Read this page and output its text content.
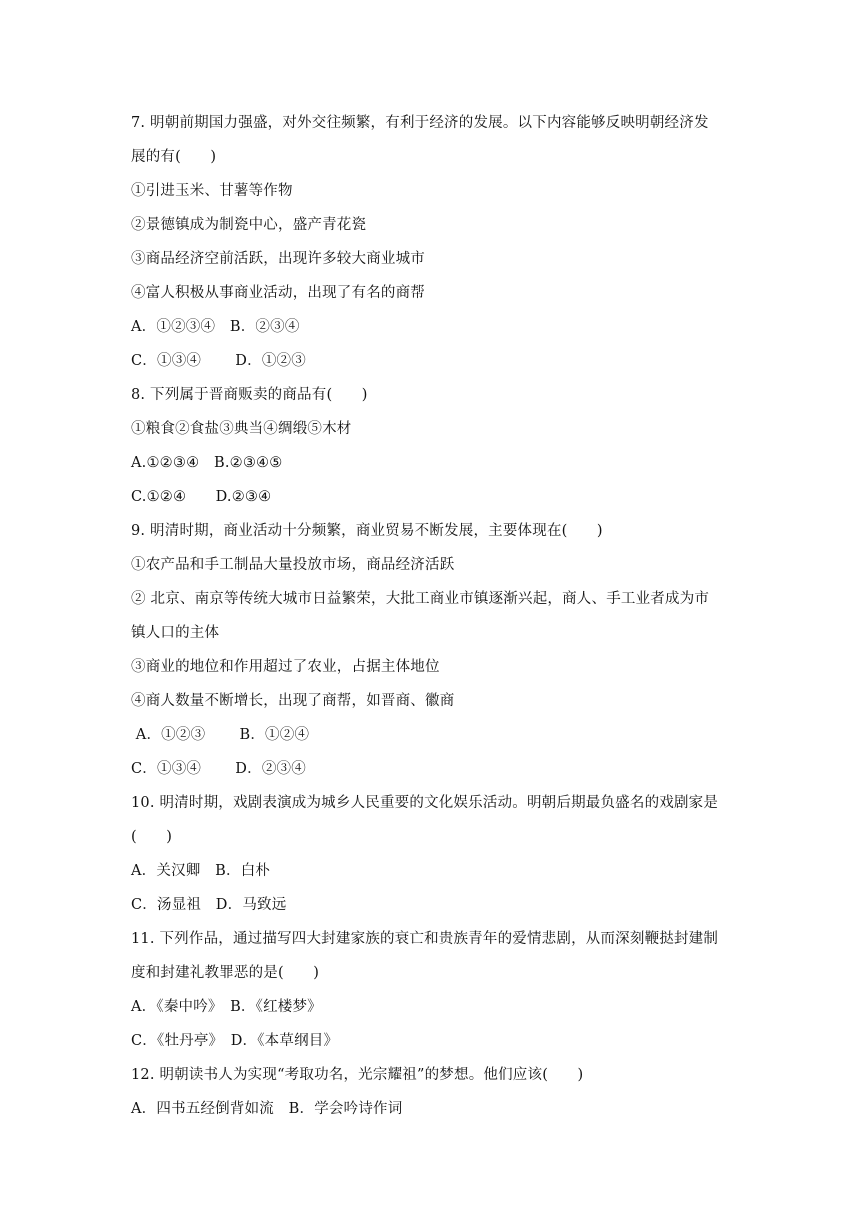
7. 明朝前期国力强盛，对外交往频繁，有利于经济的发展。以下内容能够反映明朝经济发
展的有(　　)
①引进玉米、甘薯等作物
②景德镇成为制瓷中心，盛产青花瓷
③商品经济空前活跃，出现许多较大商业城市
④富人积极从事商业活动，出现了有名的商帮
A．①②③④　B．②③④
C．①③④　　 D．①②③
8. 下列属于晋商贩卖的商品有(　　)
①粮食②食盐③典当④绸缎⑤木材
A.①②③④　B.②③④⑤
C.①②④　　D.②③④
9. 明清时期，商业活动十分频繁，商业贸易不断发展，主要体现在(　　)
①农产品和手工制品大量投放市场，商品经济活跃
② 北京、南京等传统大城市日益繁荣，大批工商业市镇逐渐兴起，商人、手工业者成为市
镇人口的主体
③商业的地位和作用超过了农业，占据主体地位
④商人数量不断增长，出现了商帮，如晋商、徽商
A．①②③　　 B．①②④
C．①③④　　 D．②③④
10. 明清时期，戏剧表演成为城乡人民重要的文化娱乐活动。明朝后期最负盛名的戏剧家是
(　　)
A．关汉卿　B．白朴
C．汤显祖　D．马致远
11. 下列作品，通过描写四大封建家族的衰亡和贵族青年的爱情悲剧，从而深刻鞭挞封建制
度和封建礼教罪恶的是(　　)
A．《秦中吟》　B．《红楼梦》
C．《牡丹亭》　D．《本草纲目》
12. 明朝读书人为实现“考取功名，光宗耀祖”的梦想。他们应该(　　)
A．四书五经倒背如流　B．学会吟诗作词
